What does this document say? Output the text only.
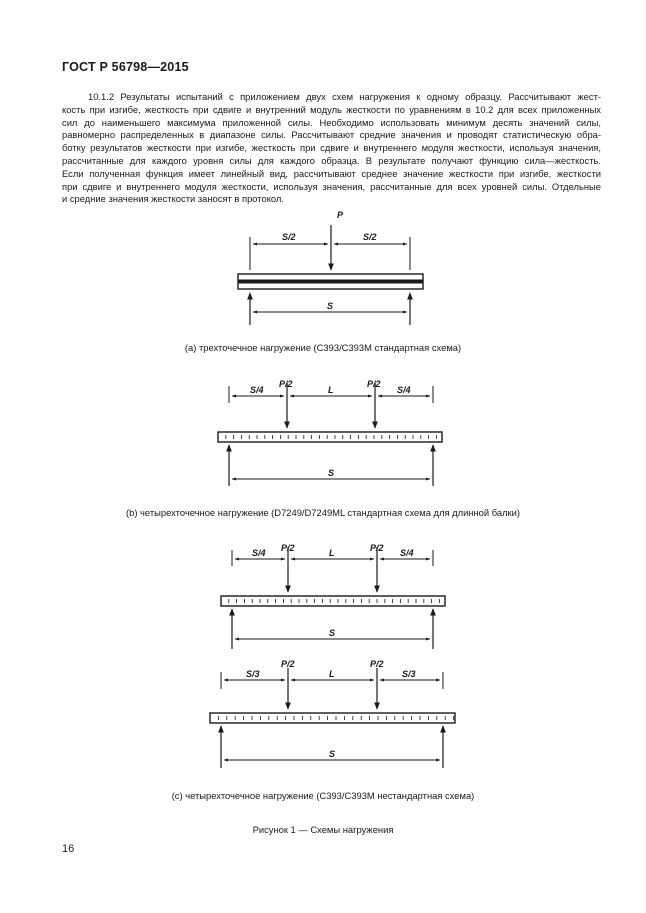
ГОСТ Р 56798—2015
10.1.2 Результаты испытаний с приложением двух схем нагружения к одному образцу. Рассчитывают жест-
кость при изгибе, жесткость при сдвиге и внутренний модуль жесткости по уравнениям в 10.2 для всех приложенных
сил до наименьшего максимума приложенной силы. Необходимо использовать минимум десять значений силы,
равномерно распределенных в диапазоне силы. Рассчитывают средние значения и проводят статистическую обра-
ботку результатов жесткости при изгибе, жесткость при сдвиге и внутреннего модуля жесткости, используя значения,
рассчитанные для каждого уровня силы для каждого образца. В результате получают функцию сила—жесткость.
Если полученная функция имеет линейный вид, рассчитывают среднее значение жесткости при изгибе, жесткости
при сдвиге и внутреннего модуля жесткости, используя значения, рассчитанные для всех уровней силы. Отдельные
и средние значения жесткости заносят в протокол.
P
S/2	S/2
S
S/4
P/2
L
P/2
S/4
S
S/4 P/2	L	P/2 S/4
S
S/3
P/2
L
P/2
S/3
S
(a) трехточечное нагружение (С393/С393М стандартная схема)
(b) четырехточечное нагружение (D7249/D7249ML стандартная схема для длинной балки)
(с) четырехточечное нагружение (С393/С393М нестандартная схема)
Рисунок 1 — Схемы нагружения
16
